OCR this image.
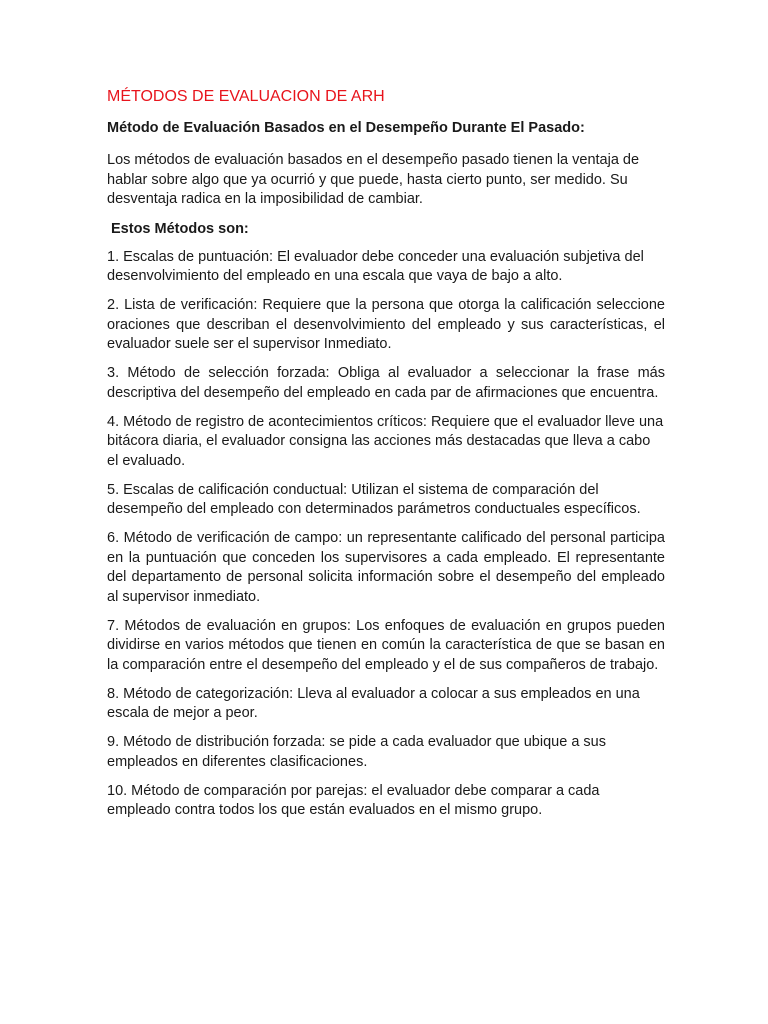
MÉTODOS DE EVALUACION DE ARH
Método de Evaluación Basados en el Desempeño Durante El Pasado:
Los métodos de evaluación basados en el desempeño pasado tienen la ventaja de hablar sobre algo que ya ocurrió y que puede, hasta cierto punto, ser medido. Su desventaja radica en la imposibilidad de cambiar.
Estos Métodos son:
1. Escalas de puntuación: El evaluador debe conceder una evaluación subjetiva del desenvolvimiento del empleado en una escala que vaya de bajo a alto.
2. Lista de verificación: Requiere que la persona que otorga la calificación seleccione oraciones que describan el desenvolvimiento del empleado y sus características, el evaluador suele ser el supervisor Inmediato.
3. Método de selección forzada: Obliga al evaluador a seleccionar la frase más descriptiva del desempeño del empleado en cada par de afirmaciones que encuentra.
4. Método de registro de acontecimientos críticos: Requiere que el evaluador lleve una bitácora diaria, el evaluador consigna las acciones más destacadas que lleva a cabo el evaluado.
5. Escalas de calificación conductual: Utilizan el sistema de comparación del desempeño del empleado con determinados parámetros conductuales específicos.
6. Método de verificación de campo: un representante calificado del personal participa en la puntuación que conceden los supervisores a cada empleado. El representante del departamento de personal solicita información sobre el desempeño del empleado al supervisor inmediato.
7. Métodos de evaluación en grupos: Los enfoques de evaluación en grupos pueden dividirse en varios métodos que tienen en común la característica de que se basan en la comparación entre el desempeño del empleado y el de sus compañeros de trabajo.
8. Método de categorización: Lleva al evaluador a colocar a sus empleados en una escala de mejor a peor.
9. Método de distribución forzada: se pide a cada evaluador que ubique a sus empleados en diferentes clasificaciones.
10. Método de comparación por parejas: el evaluador debe comparar a cada empleado contra todos los que están evaluados en el mismo grupo.
